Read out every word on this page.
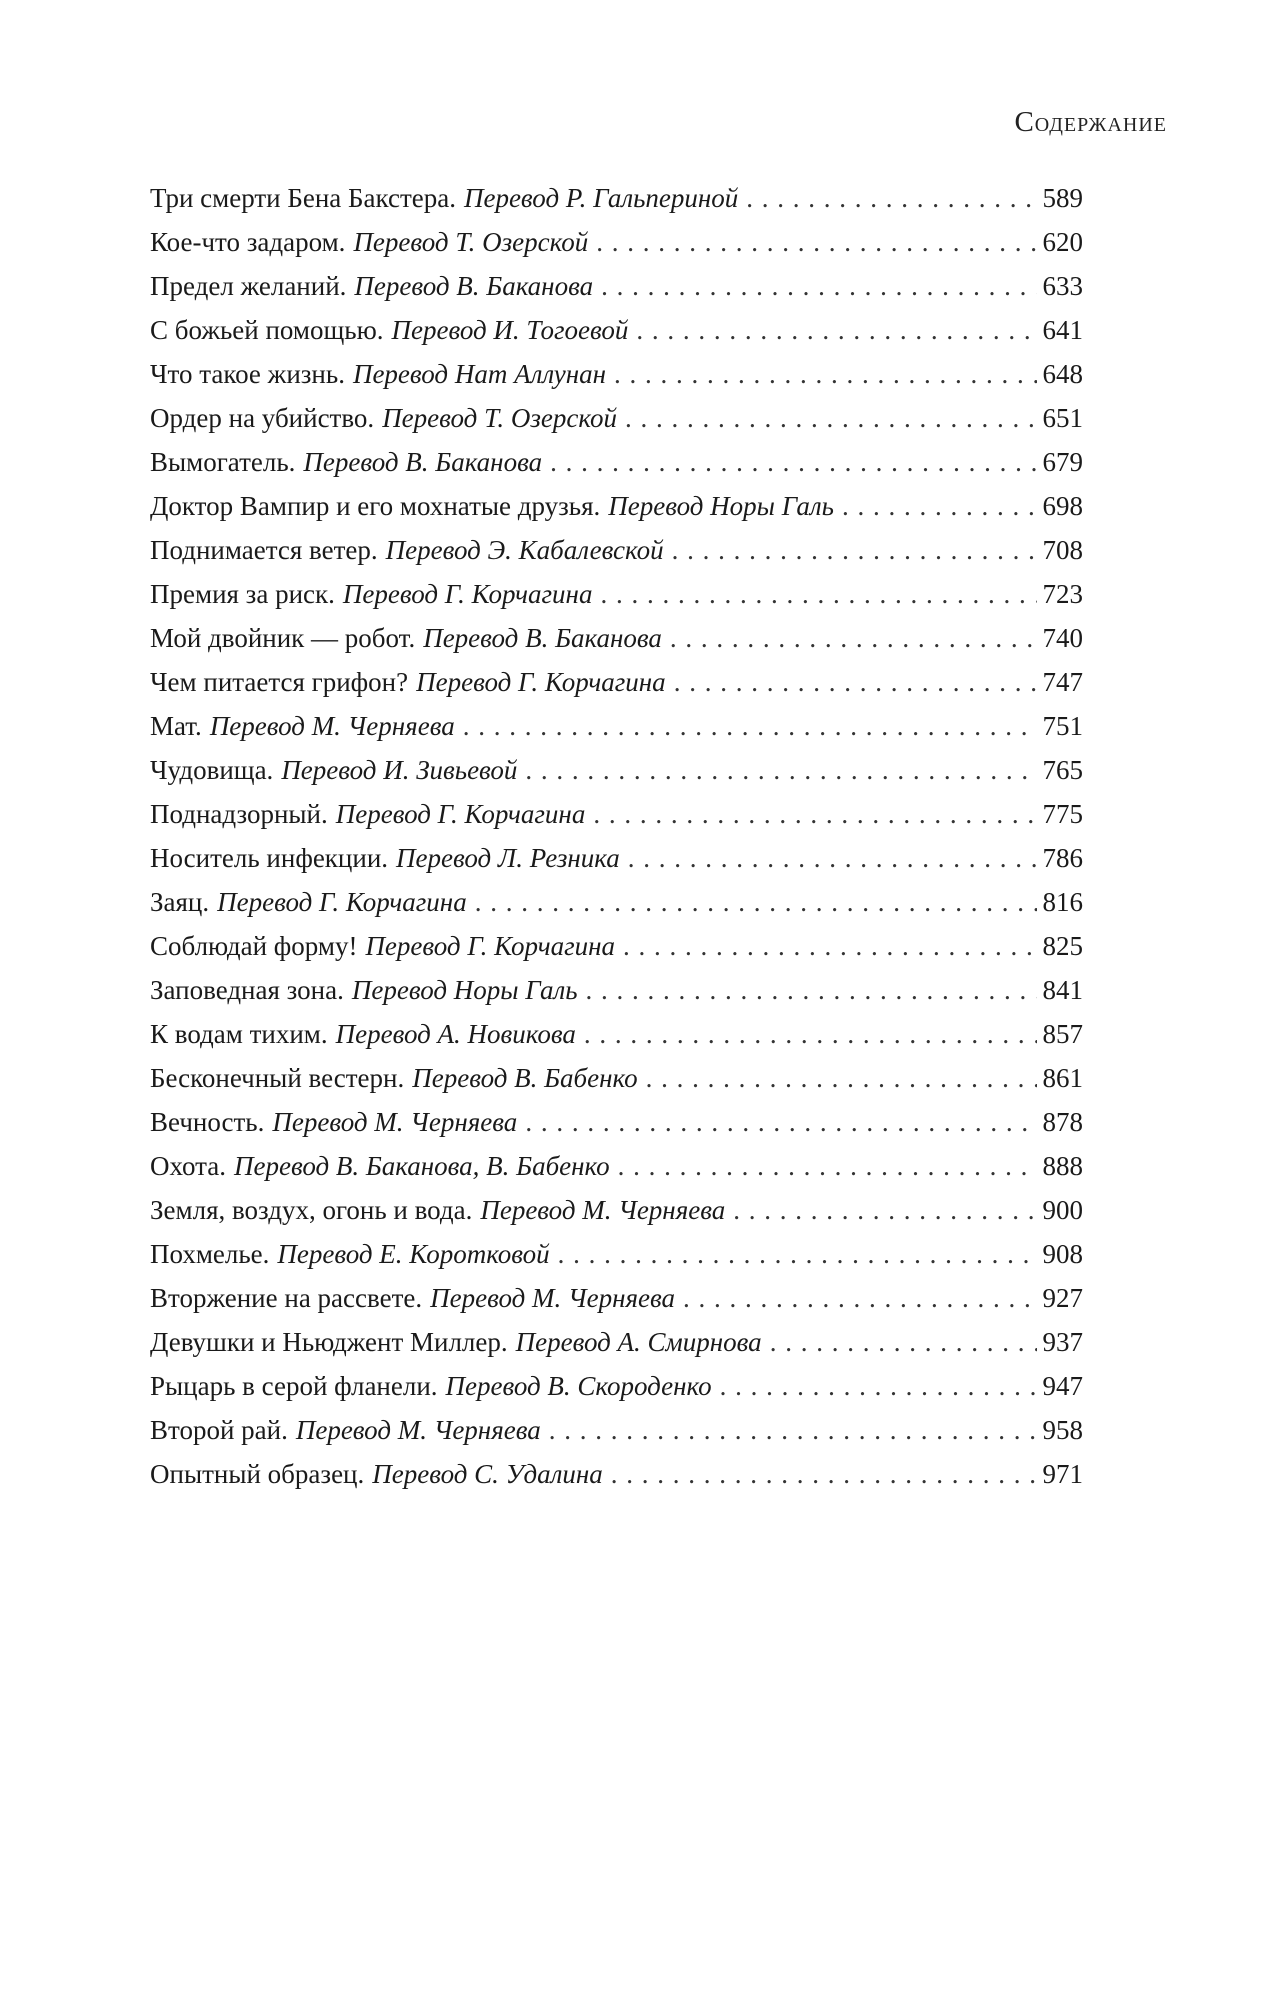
Содержание
Три смерти Бена Бакстера. Перевод Р. Гальпериной . . .	589
Кое-что задаром. Перевод Т. Озерской . . .	620
Предел желаний. Перевод В. Баканова . . .	633
С божьей помощью. Перевод И. Тогоевой . . .	641
Что такое жизнь. Перевод Нат Аллунан . . .	648
Ордер на убийство. Перевод Т. Озерской . . .	651
Вымогатель. Перевод В. Баканова . . .	679
Доктор Вампир и его мохнатые друзья. Перевод Норы Галь . . .	698
Поднимается ветер. Перевод Э. Кабалевской . . .	708
Премия за риск. Перевод Г. Корчагина . . .	723
Мой двойник — робот. Перевод В. Баканова . . .	740
Чем питается грифон? Перевод Г. Корчагина . . .	747
Мат. Перевод М. Черняева . . .	751
Чудовища. Перевод И. Зивьевой . . .	765
Поднадзорный. Перевод Г. Корчагина . . .	775
Носитель инфекции. Перевод Л. Резника . . .	786
Заяц. Перевод Г. Корчагина . . .	816
Соблюдай форму! Перевод Г. Корчагина . . .	825
Заповедная зона. Перевод Норы Галь . . .	841
К водам тихим. Перевод А. Новикова . . .	857
Бесконечный вестерн. Перевод В. Бабенко . . .	861
Вечность. Перевод М. Черняева . . .	878
Охота. Перевод В. Баканова, В. Бабенко . . .	888
Земля, воздух, огонь и вода. Перевод М. Черняева . . .	900
Похмелье. Перевод Е. Коротковой . . .	908
Вторжение на рассвете. Перевод М. Черняева . . .	927
Девушки и Ньюджент Миллер. Перевод А. Смирнова . . .	937
Рыцарь в серой фланели. Перевод В. Скороденко . . .	947
Второй рай. Перевод М. Черняева . . .	958
Опытный образец. Перевод С. Удалина . . .	971
